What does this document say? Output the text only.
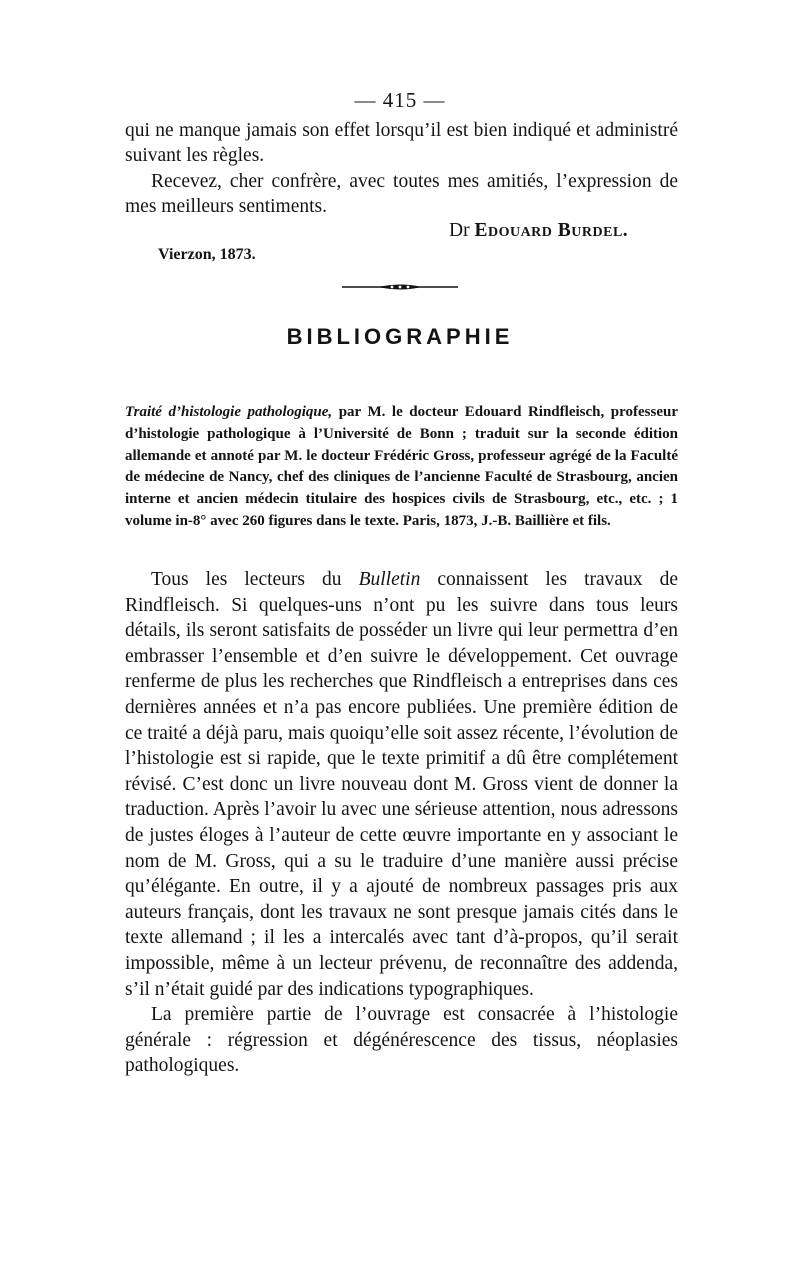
— 415 —

qui ne manque jamais son effet lorsqu’il est bien indiqué et administré suivant les règles.

Recevez, cher confrère, avec toutes mes amitiés, l’expression de mes meilleurs sentiments.

Dr Edouard Burdel.
Vierzon, 1873.
BIBLIOGRAPHIE
Traité d’histologie pathologique, par M. le docteur Edouard Rindfleisch, professeur d’histologie pathologique à l’Université de Bonn ; traduit sur la seconde édition allemande et annoté par M. le docteur Frédéric Gross, professeur agrégé de la Faculté de médecine de Nancy, chef des cliniques de l’ancienne Faculté de Strasbourg, ancien interne et ancien médecin titulaire des hospices civils de Strasbourg, etc., etc. ; 1 volume in-8° avec 260 figures dans le texte. Paris, 1873, J.-B. Baillière et fils.

Tous les lecteurs du Bulletin connaissent les travaux de Rindfleisch. Si quelques-uns n’ont pu les suivre dans tous leurs détails, ils seront satisfaits de posséder un livre qui leur permettra d’en embrasser l’ensemble et d’en suivre le développement. Cet ouvrage renferme de plus les recherches que Rindfleisch a entreprises dans ces dernières années et n’a pas encore publiées. Une première édition de ce traité a déjà paru, mais quoiqu’elle soit assez récente, l’évolution de l’histologie est si rapide, que le texte primitif a dû être complétement révisé. C’est donc un livre nouveau dont M. Gross vient de donner la traduction. Après l’avoir lu avec une sérieuse attention, nous adressons de justes éloges à l’auteur de cette œuvre importante en y associant le nom de M. Gross, qui a su le traduire d’une manière aussi précise qu’élégante. En outre, il y a ajouté de nombreux passages pris aux auteurs français, dont les travaux ne sont presque jamais cités dans le texte allemand ; il les a intercalés avec tant d’à-propos, qu’il serait impossible, même à un lecteur prévenu, de reconnaître des addenda, s’il n’était guidé par des indications typographiques.

La première partie de l’ouvrage est consacrée à l’histologie générale : régression et dégénérescence des tissus, néoplasies pathologiques.
